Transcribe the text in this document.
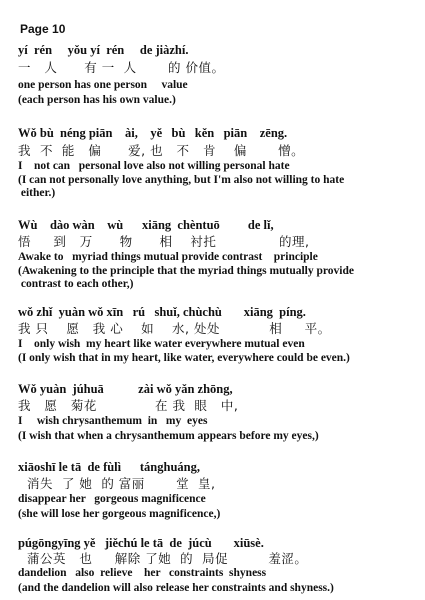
Page 10
yí  rén     yǒu yí  rén     de jiàzhí.
一   人      有 一  人       的 价值。
one person has one person     value
(each person has his own value.)
Wǒ bù  néng piān    ài,    yě   bù   kěn   piān    zēng.
我  不  能   偏      爱, 也   不   肯    偏       憎。
I    not can   personal love also not willing personal hate
(I can not personally love anything, but I'm also not willing to hate
either.)
Wù    dào wàn    wù      xiāng  chèntuō         de lǐ,
悟     到   万      物      相    衬托              的理,
Awake to   myriad things mutual provide contrast    principle
(Awakening to the principle that the myriad things mutually provide
contrast to each other,)
wǒ zhǐ  yuàn wǒ xīn   rú   shuǐ, chùchù       xiāng  píng.
我 只    愿   我 心    如    水, 处处           相     平。
I    only wish  my heart like water everywhere mutual even
(I only wish that in my heart, like water, everywhere could be even.)
Wǒ yuàn  júhuā           zài wǒ yǎn zhōng,
我   愿   菊花             在 我  眼   中,
I     wish chrysanthemum  in   my  eyes
(I wish that when a chrysanthemum appears before my eyes,)
xiāoshī le tā  de fùlì      tánghuáng,
消失  了 她  的 富丽       堂  皇,
disappear her   gorgeous magnificence
(she will lose her gorgeous magnificence,)
púgōngyīng yě   jiěchú le tā  de  júcù       xiūsè.
蒲公英   也     解除 了她  的  局促         羞涩。
dandelion   also  relieve    her   constraints  shyness
(and the dandelion will also release her constraints and shyness.)
